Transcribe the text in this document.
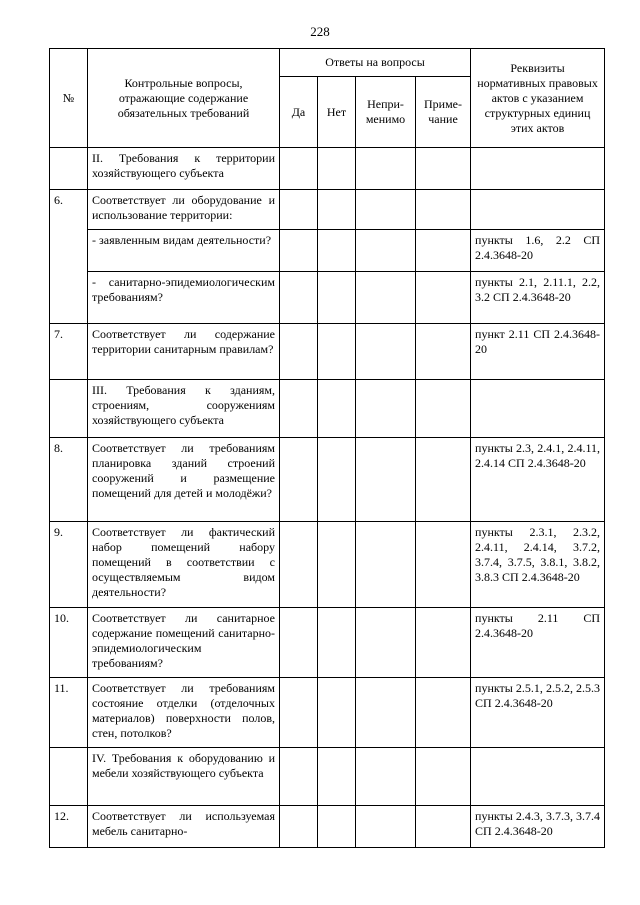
228
№	Контрольные вопросы, отражающие содержание обязательных требований	Ответы на вопросы				Реквизиты нормативных правовых актов с указанием структурных единиц этих актов
		Да	Нет	Непри-менимо	Приме-чание	
	II. Требования к территории хозяйствующего субъекта					
6.	Соответствует ли оборудование и использование территории:					
	- заявленным видам деятельности?					пункты 1.6, 2.2 СП 2.4.3648-20
	- санитарно-эпидемиологическим требованиям?					пункты 2.1, 2.11.1, 2.2, 3.2 СП 2.4.3648-20
7.	Соответствует ли содержание территории санитарным правилам?					пункт 2.11 СП 2.4.3648-20
	III. Требования к зданиям, строениям, сооружениям хозяйствующего субъекта					
8.	Соответствует ли требованиям планировка зданий строений сооружений и размещение помещений для детей и молодёжи?					пункты 2.3, 2.4.1, 2.4.11, 2.4.14 СП 2.4.3648-20
9.	Соответствует ли фактический набор помещений набору помещений в соответствии с осуществляемым видом деятельности?					пункты 2.3.1, 2.3.2, 2.4.11, 2.4.14, 3.7.2, 3.7.4, 3.7.5, 3.8.1, 3.8.2, 3.8.3 СП 2.4.3648-20
10.	Соответствует ли санитарное содержание помещений санитарно-эпидемиологическим требованиям?					пункты 2.11 СП 2.4.3648-20
11.	Соответствует ли требованиям состояние отделки (отделочных материалов) поверхности полов, стен, потолков?					пункты 2.5.1, 2.5.2, 2.5.3 СП 2.4.3648-20
	IV. Требования к оборудованию и мебели хозяйствующего субъекта					
12.	Соответствует ли используемая мебель санитарно-					пункты 2.4.3, 3.7.3, 3.7.4 СП 2.4.3648-20
